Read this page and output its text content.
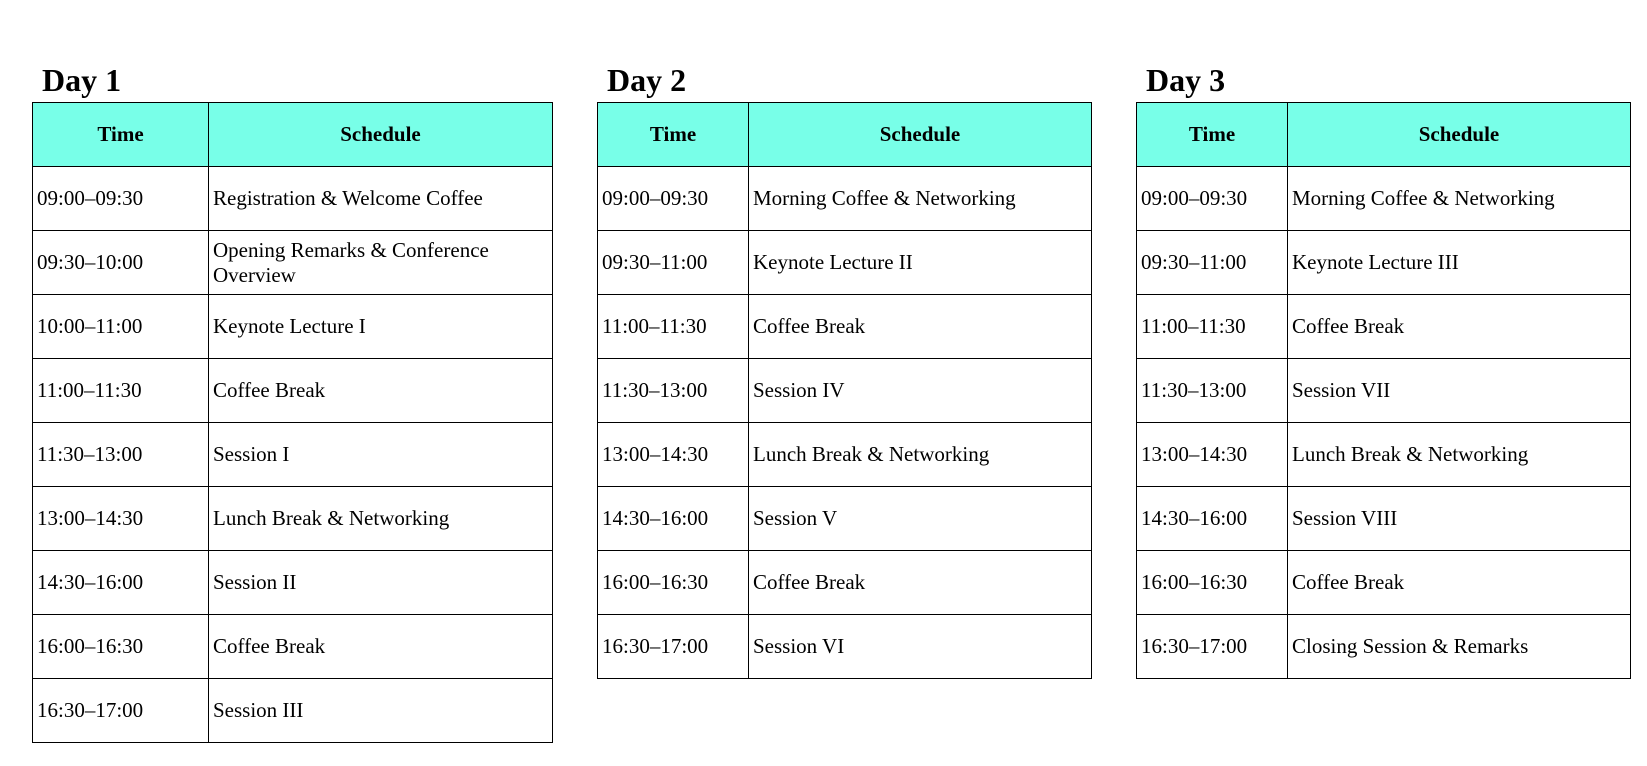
Day 1
Time	Schedule
09:00–09:30	Registration & Welcome Coffee
09:30–10:00	Opening Remarks & Conference Overview
10:00–11:00	Keynote Lecture I
11:00–11:30	Coffee Break
11:30–13:00	Session I
13:00–14:30	Lunch Break & Networking
14:30–16:00	Session II
16:00–16:30	Coffee Break
16:30–17:00	Session III
Day 2
Time	Schedule
09:00–09:30	Morning Coffee & Networking
09:30–11:00	Keynote Lecture II
11:00–11:30	Coffee Break
11:30–13:00	Session IV
13:00–14:30	Lunch Break & Networking
14:30–16:00	Session V
16:00–16:30	Coffee Break
16:30–17:00	Session VI
Day 3
Time	Schedule
09:00–09:30	Morning Coffee & Networking
09:30–11:00	Keynote Lecture III
11:00–11:30	Coffee Break
11:30–13:00	Session VII
13:00–14:30	Lunch Break & Networking
14:30–16:00	Session VIII
16:00–16:30	Coffee Break
16:30–17:00	Closing Session & Remarks
